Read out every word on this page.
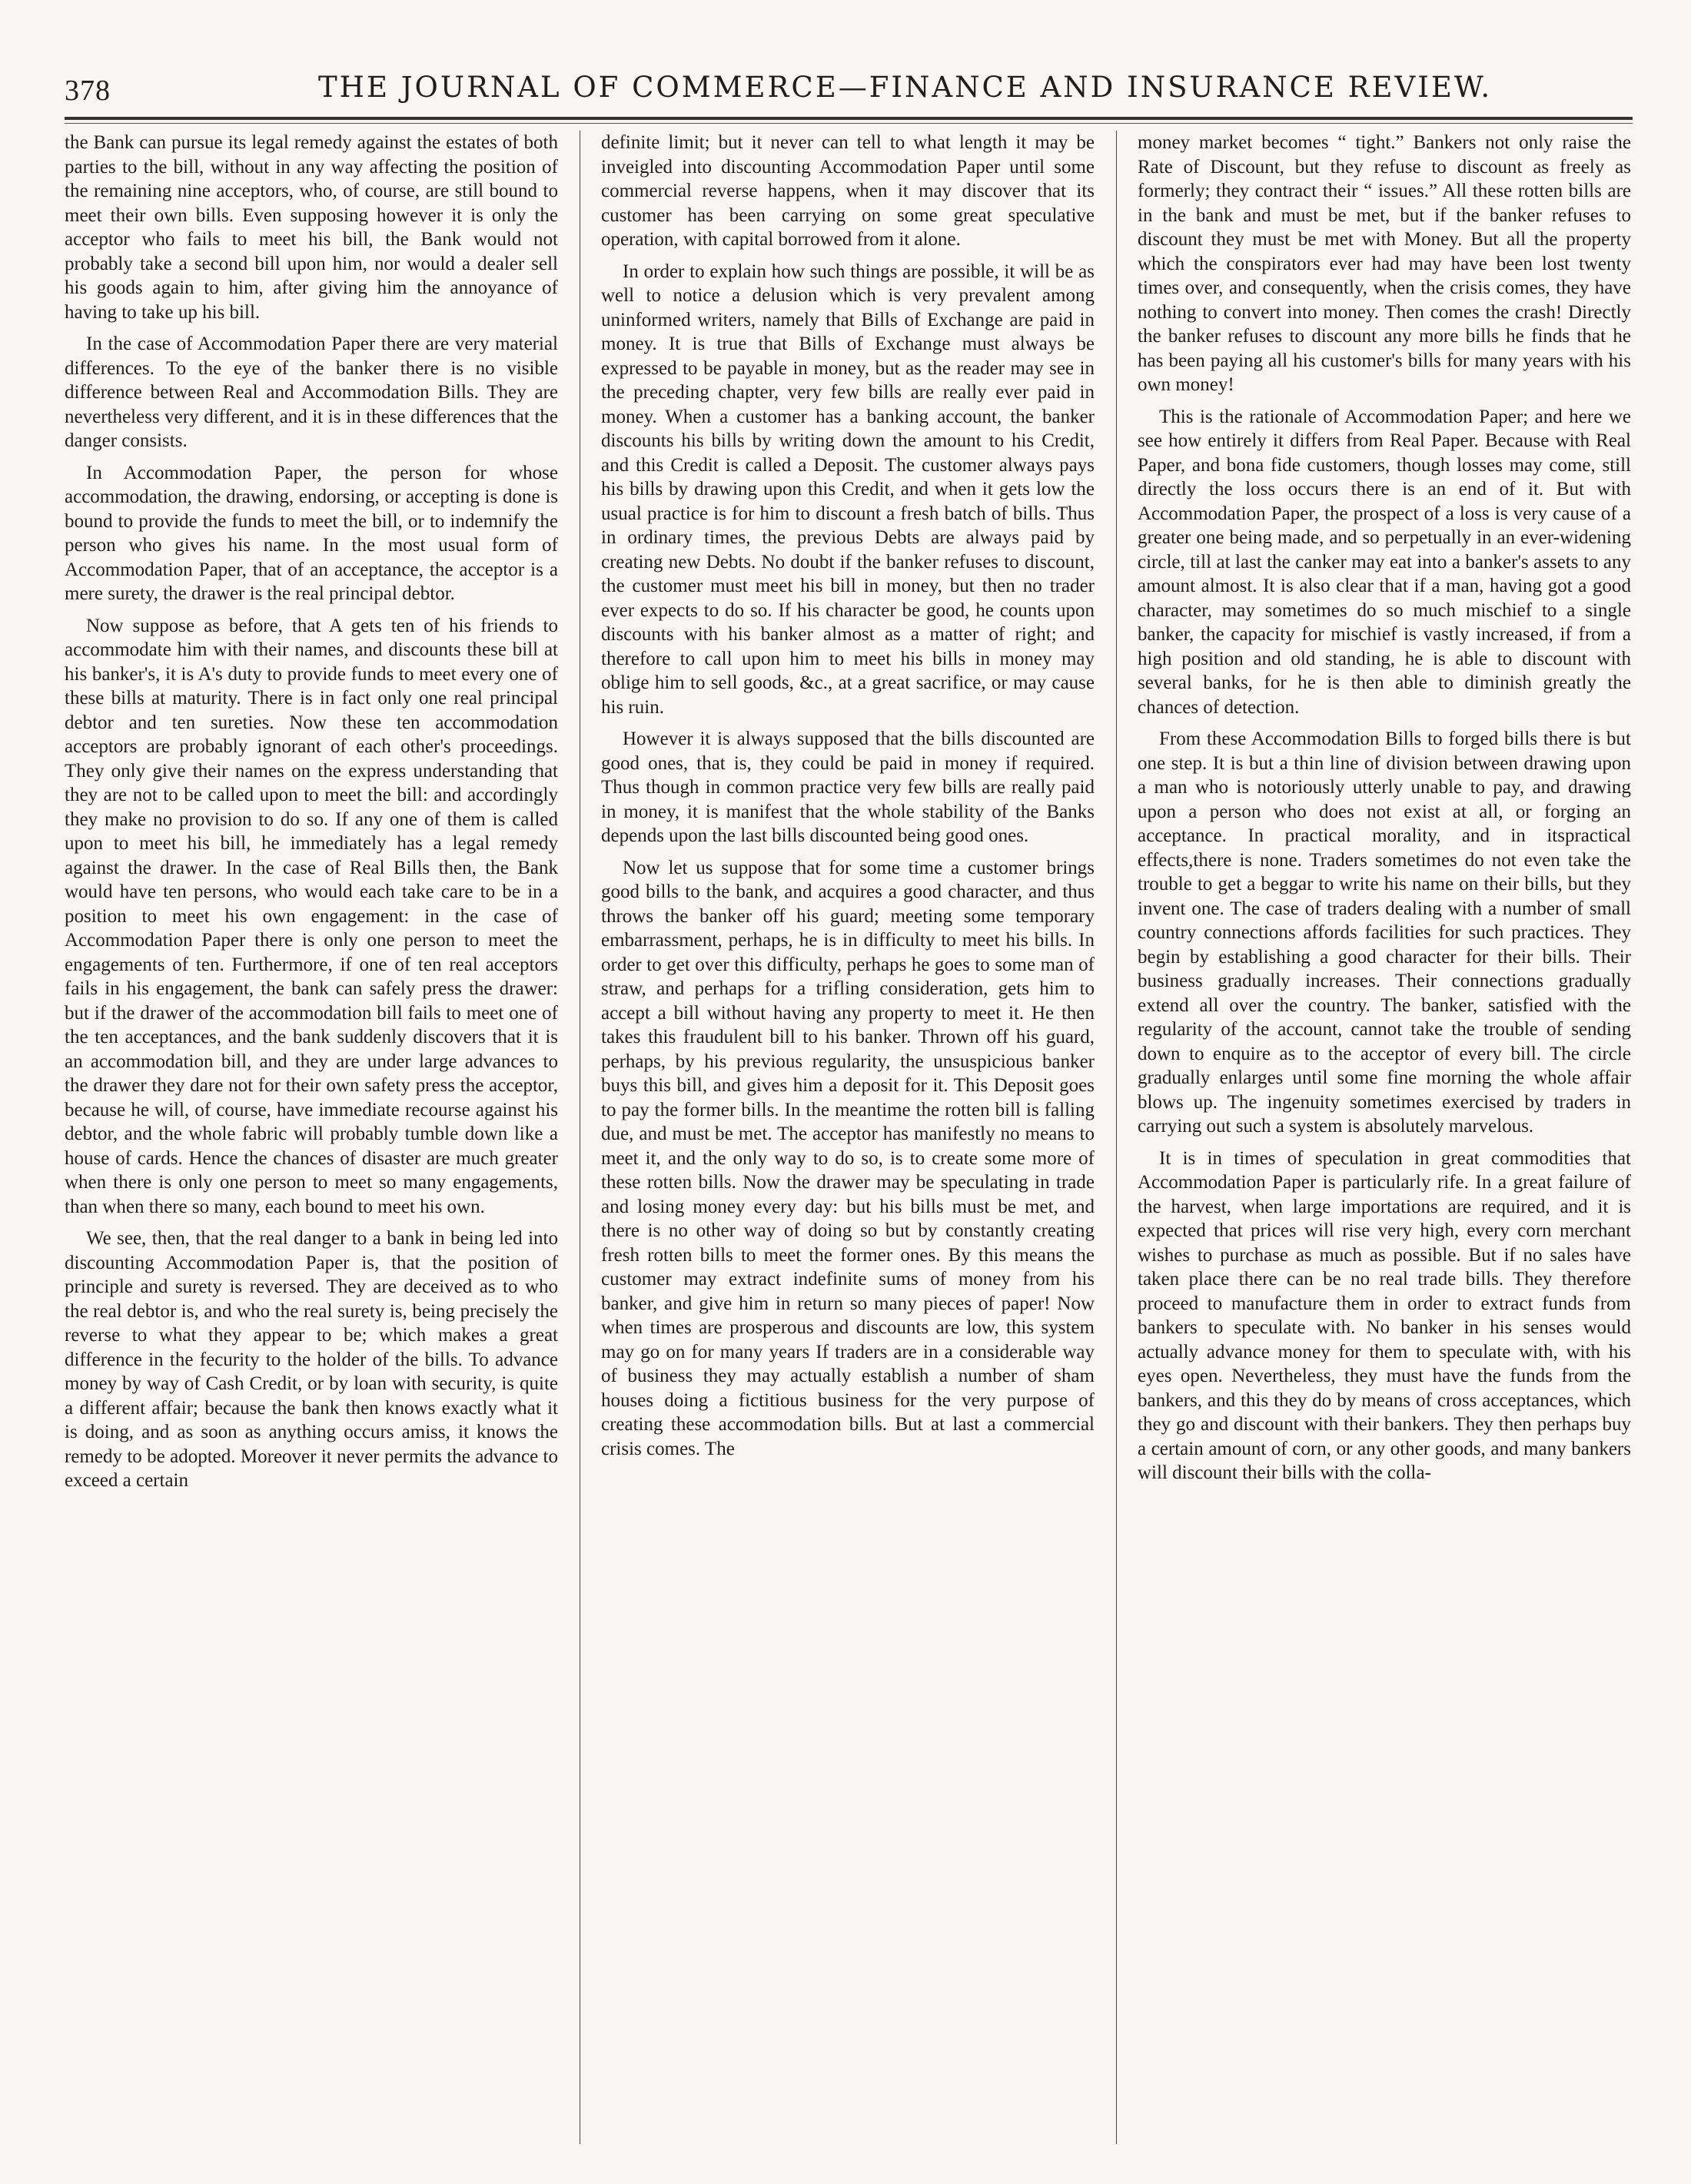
378	THE JOURNAL OF COMMERCE—FINANCE AND INSURANCE REVIEW.

the Bank can pursue its legal remedy against the estates of both parties to the bill, without in any way affecting the position of the remaining nine acceptors, who, of course, are still bound to meet their own bills. Even supposing however it is only the acceptor who fails to meet his bill, the Bank would not probably take a second bill upon him, nor would a dealer sell his goods again to him, after giving him the annoyance of having to take up his bill.

In the case of Accommodation Paper there are very material differences. To the eye of the banker there is no visible difference between Real and Accommodation Bills. They are nevertheless very different, and it is in these differences that the danger consists.

In Accommodation Paper, the person for whose accommodation, the drawing, endorsing, or accepting is done is bound to provide the funds to meet the bill, or to indemnify the person who gives his name. In the most usual form of Accommodation Paper, that of an acceptance, the acceptor is a mere surety, the drawer is the real principal debtor.

Now suppose as before, that A gets ten of his friends to accommodate him with their names, and discounts these bill at his banker's, it is A's duty to provide funds to meet every one of these bills at maturity. There is in fact only one real principal debtor and ten sureties. Now these ten accommodation acceptors are probably ignorant of each other's proceedings. They only give their names on the express understanding that they are not to be called upon to meet the bill: and accordingly they make no provision to do so. If any one of them is called upon to meet his bill, he immediately has a legal remedy against the drawer. In the case of Real Bills then, the Bank would have ten persons, who would each take care to be in a position to meet his own engagement: in the case of Accommodation Paper there is only one person to meet the engagements of ten. Furthermore, if one of ten real acceptors fails in his engagement, the bank can safely press the drawer: but if the drawer of the accommodation bill fails to meet one of the ten acceptances, and the bank suddenly discovers that it is an accommodation bill, and they are under large advances to the drawer they dare not for their own safety press the acceptor, because he will, of course, have immediate recourse against his debtor, and the whole fabric will probably tumble down like a house of cards. Hence the chances of disaster are much greater when there is only one person to meet so many engagements, than when there so many, each bound to meet his own.

We see, then, that the real danger to a bank in being led into discounting Accommodation Paper is, that the position of principle and surety is reversed. They are deceived as to who the real debtor is, and who the real surety is, being precisely the reverse to what they appear to be; which makes a great difference in the fecurity to the holder of the bills. To advance money by way of Cash Credit, or by loan with security, is quite a different affair; because the bank then knows exactly what it is doing, and as soon as anything occurs amiss, it knows the remedy to be adopted. Moreover it never permits the advance to exceed a certain

definite limit; but it never can tell to what length it may be inveigled into discounting Accommodation Paper until some commercial reverse happens, when it may discover that its customer has been carrying on some great speculative operation, with capital borrowed from it alone.

In order to explain how such things are possible, it will be as well to notice a delusion which is very prevalent among uninformed writers, namely that Bills of Exchange are paid in money. It is true that Bills of Exchange must always be expressed to be payable in money, but as the reader may see in the preceding chapter, very few bills are really ever paid in money. When a customer has a banking account, the banker discounts his bills by writing down the amount to his Credit, and this Credit is called a Deposit. The customer always pays his bills by drawing upon this Credit, and when it gets low the usual practice is for him to discount a fresh batch of bills. Thus in ordinary times, the previous Debts are always paid by creating new Debts. No doubt if the banker refuses to discount, the customer must meet his bill in money, but then no trader ever expects to do so. If his character be good, he counts upon discounts with his banker almost as a matter of right; and therefore to call upon him to meet his bills in money may oblige him to sell goods, &c., at a great sacrifice, or may cause his ruin.

However it is always supposed that the bills discounted are good ones, that is, they could be paid in money if required. Thus though in common practice very few bills are really paid in money, it is manifest that the whole stability of the Banks depends upon the last bills discounted being good ones.

Now let us suppose that for some time a customer brings good bills to the bank, and acquires a good character, and thus throws the banker off his guard; meeting some temporary embarrassment, perhaps, he is in difficulty to meet his bills. In order to get over this difficulty, perhaps he goes to some man of straw, and perhaps for a trifling consideration, gets him to accept a bill without having any property to meet it. He then takes this fraudulent bill to his banker. Thrown off his guard, perhaps, by his previous regularity, the unsuspicious banker buys this bill, and gives him a deposit for it. This Deposit goes to pay the former bills. In the meantime the rotten bill is falling due, and must be met. The acceptor has manifestly no means to meet it, and the only way to do so, is to create some more of these rotten bills. Now the drawer may be speculating in trade and losing money every day: but his bills must be met, and there is no other way of doing so but by constantly creating fresh rotten bills to meet the former ones. By this means the customer may extract indefinite sums of money from his banker, and give him in return so many pieces of paper! Now when times are prosperous and discounts are low, this system may go on for many years If traders are in a considerable way of business they may actually establish a number of sham houses doing a fictitious business for the very purpose of creating these accommodation bills. But at last a commercial crisis comes. The

money market becomes “ tight.” Bankers not only raise the Rate of Discount, but they refuse to discount as freely as formerly; they contract their “ issues.” All these rotten bills are in the bank and must be met, but if the banker refuses to discount they must be met with Money. But all the property which the conspirators ever had may have been lost twenty times over, and consequently, when the crisis comes, they have nothing to convert into money. Then comes the crash! Directly the banker refuses to discount any more bills he finds that he has been paying all his customer's bills for many years with his own money!

This is the rationale of Accommodation Paper; and here we see how entirely it differs from Real Paper. Because with Real Paper, and bona fide customers, though losses may come, still directly the loss occurs there is an end of it. But with Accommodation Paper, the prospect of a loss is very cause of a greater one being made, and so perpetually in an ever-widening circle, till at last the canker may eat into a banker's assets to any amount almost. It is also clear that if a man, having got a good character, may sometimes do so much mischief to a single banker, the capacity for mischief is vastly increased, if from a high position and old standing, he is able to discount with several banks, for he is then able to diminish greatly the chances of detection.

From these Accommodation Bills to forged bills there is but one step. It is but a thin line of division between drawing upon a man who is notoriously utterly unable to pay, and drawing upon a person who does not exist at all, or forging an acceptance. In practical morality, and in itspractical effects,there is none. Traders sometimes do not even take the trouble to get a beggar to write his name on their bills, but they invent one. The case of traders dealing with a number of small country connections affords facilities for such practices. They begin by establishing a good character for their bills. Their business gradually increases. Their connections gradually extend all over the country. The banker, satisfied with the regularity of the account, cannot take the trouble of sending down to enquire as to the acceptor of every bill. The circle gradually enlarges until some fine morning the whole affair blows up. The ingenuity sometimes exercised by traders in carrying out such a system is absolutely marvelous.

It is in times of speculation in great commodities that Accommodation Paper is particularly rife. In a great failure of the harvest, when large importations are required, and it is expected that prices will rise very high, every corn merchant wishes to purchase as much as possible. But if no sales have taken place there can be no real trade bills. They therefore proceed to manufacture them in order to extract funds from bankers to speculate with. No banker in his senses would actually advance money for them to speculate with, with his eyes open. Nevertheless, they must have the funds from the bankers, and this they do by means of cross acceptances, which they go and discount with their bankers. They then perhaps buy a certain amount of corn, or any other goods, and many bankers will discount their bills with the colla-
